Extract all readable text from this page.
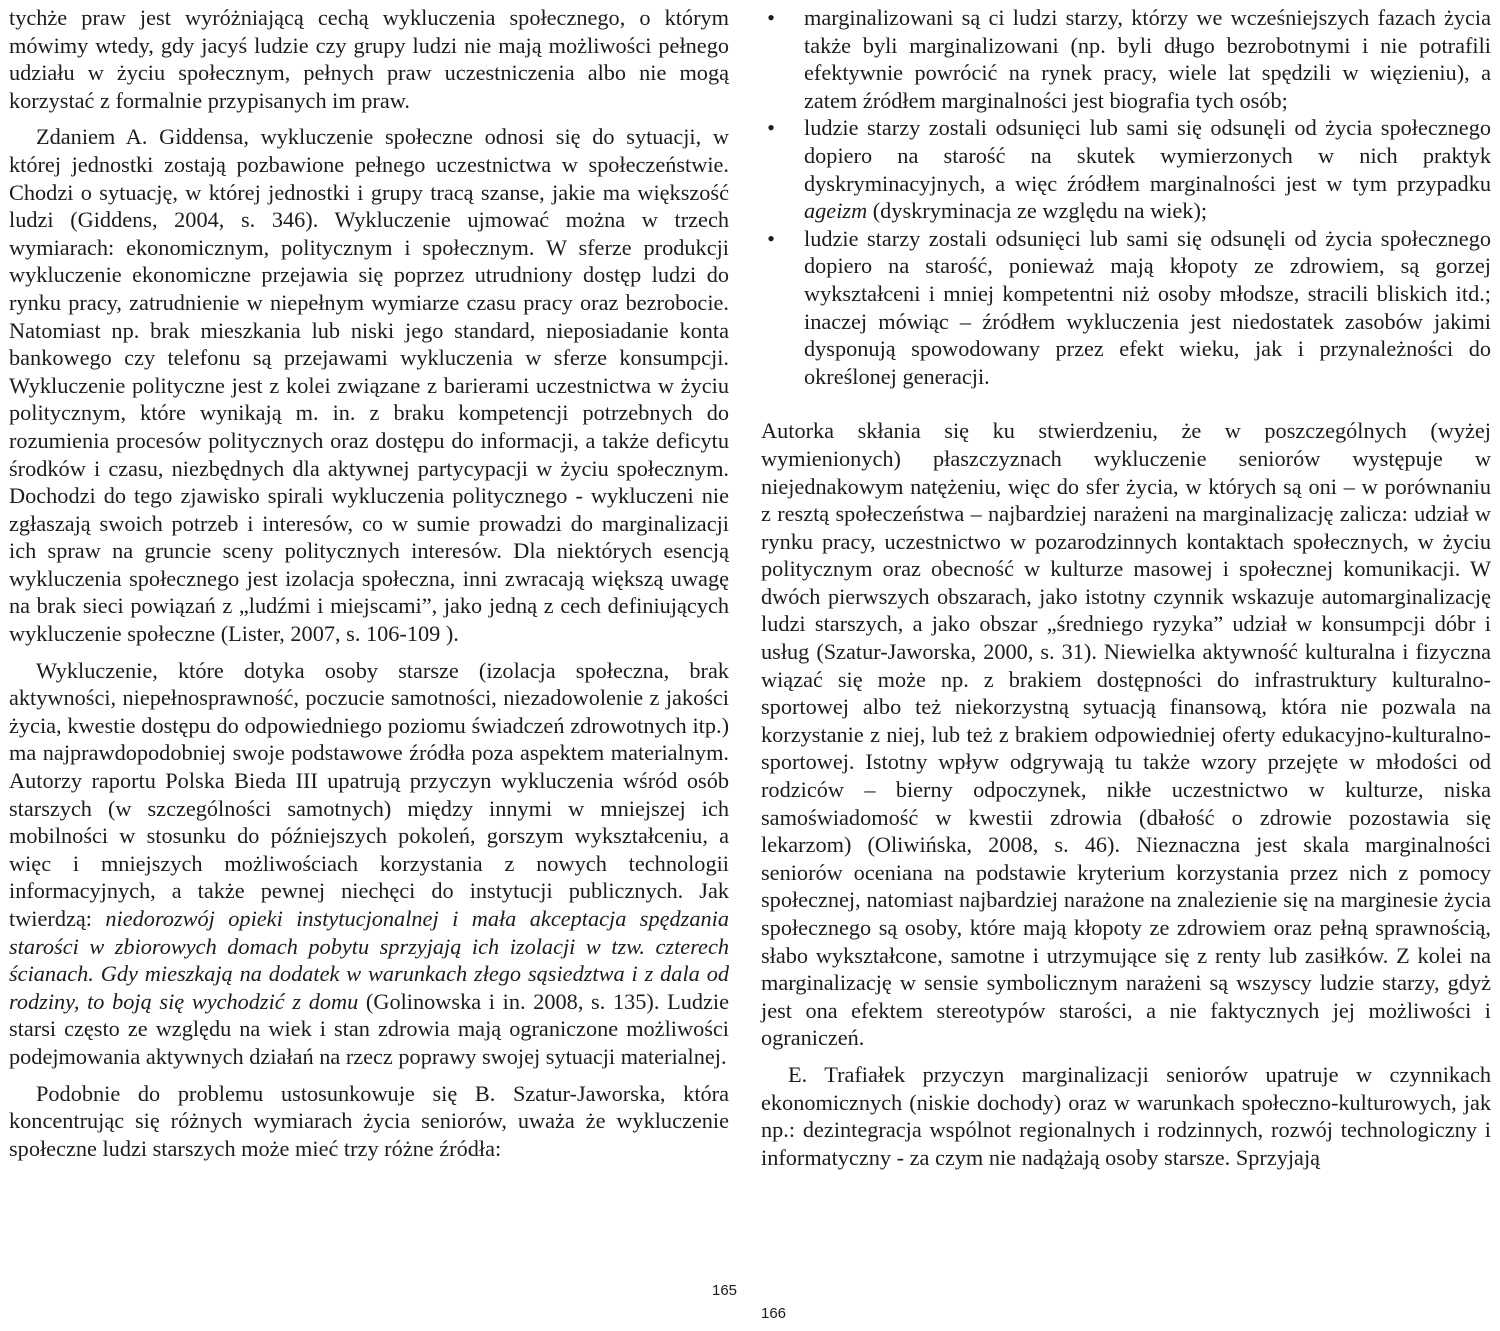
tychże praw jest wyróżniającą cechą wykluczenia społecznego, o którym mówimy wtedy, gdy jacyś ludzie czy grupy ludzi nie mają możliwości pełnego udziału w życiu społecznym, pełnych praw uczestniczenia albo nie mogą korzystać z formalnie przypisanych im praw.

Zdaniem A. Giddensa, wykluczenie społeczne odnosi się do sytuacji, w której jednostki zostają pozbawione pełnego uczestnictwa w społeczeństwie. Chodzi o sytuację, w której jednostki i grupy tracą szanse, jakie ma większość ludzi (Giddens, 2004, s. 346). Wykluczenie ujmować można w trzech wymiarach: ekonomicznym, politycznym i społecznym. W sferze produkcji wykluczenie ekonomiczne przejawia się poprzez utrudniony dostęp ludzi do rynku pracy, zatrudnienie w niepełnym wymiarze czasu pracy oraz bezrobocie. Natomiast np. brak mieszkania lub niski jego standard, nieposiadanie konta bankowego czy telefonu są przejawami wykluczenia w sferze konsumpcji. Wykluczenie polityczne jest z kolei związane z barierami uczestnictwa w życiu politycznym, które wynikają m. in. z braku kompetencji potrzebnych do rozumienia procesów politycznych oraz dostępu do informacji, a także deficytu środków i czasu, niezbędnych dla aktywnej partycypacji w życiu społecznym. Dochodzi do tego zjawisko spirali wykluczenia politycznego - wykluczeni nie zgłaszają swoich potrzeb i interesów, co w sumie prowadzi do marginalizacji ich spraw na gruncie sceny politycznych interesów. Dla niektórych esencją wykluczenia społecznego jest izolacja społeczna, inni zwracają większą uwagę na brak sieci powiązań z „ludźmi i miejscami”, jako jedną z cech definiujących wykluczenie społeczne (Lister, 2007, s. 106-109 ).

Wykluczenie, które dotyka osoby starsze (izolacja społeczna, brak aktywności, niepełnosprawność, poczucie samotności, niezadowolenie z jakości życia, kwestie dostępu do odpowiedniego poziomu świadczeń zdrowotnych itp.) ma najprawdopodobniej swoje podstawowe źródła poza aspektem materialnym. Autorzy raportu Polska Bieda III upatrują przyczyn wykluczenia wśród osób starszych (w szczególności samotnych) między innymi w mniejszej ich mobilności w stosunku do późniejszych pokoleń, gorszym wykształceniu, a więc i mniejszych możliwościach korzystania z nowych technologii informacyjnych, a także pewnej niechęci do instytucji publicznych. Jak twierdzą: niedorozwój opieki instytucjonalnej i mała akceptacja spędzania starości w zbiorowych domach pobytu sprzyjają ich izolacji w tzw. czterech ścianach. Gdy mieszkają na dodatek w warunkach złego sąsiedztwa i z dala od rodziny, to boją się wychodzić z domu (Golinowska i in. 2008, s. 135). Ludzie starsi często ze względu na wiek i stan zdrowia mają ograniczone możliwości podejmowania aktywnych działań na rzecz poprawy swojej sytuacji materialnej.

Podobnie do problemu ustosunkowuje się B. Szatur-Jaworska, która koncentrując się różnych wymiarach życia seniorów, uważa że wykluczenie społeczne ludzi starszych może mieć trzy różne źródła:

• marginalizowani są ci ludzi starzy, którzy we wcześniejszych fazach życia także byli marginalizowani (np. byli długo bezrobotnymi i nie potrafili efektywnie powrócić na rynek pracy, wiele lat spędzili w więzieniu), a zatem źródłem marginalności jest biografia tych osób;
• ludzie starzy zostali odsunięci lub sami się odsunęli od życia społecznego dopiero na starość na skutek wymierzonych w nich praktyk dyskryminacyjnych, a więc źródłem marginalności jest w tym przypadku ageizm (dyskryminacja ze względu na wiek);
• ludzie starzy zostali odsunięci lub sami się odsunęli od życia społecznego dopiero na starość, ponieważ mają kłopoty ze zdrowiem, są gorzej wykształceni i mniej kompetentni niż osoby młodsze, stracili bliskich itd.; inaczej mówiąc – źródłem wykluczenia jest niedostatek zasobów jakimi dysponują spowodowany przez efekt wieku, jak i przynależności do określonej generacji.

Autorka skłania się ku stwierdzeniu, że w poszczególnych (wyżej wymienionych) płaszczyznach wykluczenie seniorów występuje w niejednakowym natężeniu, więc do sfer życia, w których są oni – w porównaniu z resztą społeczeństwa – najbardziej narażeni na marginalizację zalicza: udział w rynku pracy, uczestnictwo w pozarodzinnych kontaktach społecznych, w życiu politycznym oraz obecność w kulturze masowej i społecznej komunikacji. W dwóch pierwszych obszarach, jako istotny czynnik wskazuje automarginalizację ludzi starszych, a jako obszar „średniego ryzyka” udział w konsumpcji dóbr i usług (Szatur-Jaworska, 2000, s. 31). Niewielka aktywność kulturalna i fizyczna wiązać się może np. z brakiem dostępności do infrastruktury kulturalno-sportowej albo też niekorzystną sytuacją finansową, która nie pozwala na korzystanie z niej, lub też z brakiem odpowiedniej oferty edukacyjno-kulturalno-sportowej. Istotny wpływ odgrywają tu także wzory przejęte w młodości od rodziców – bierny odpoczynek, nikłe uczestnictwo w kulturze, niska samoświadomość w kwestii zdrowia (dbałość o zdrowie pozostawia się lekarzom) (Oliwińska, 2008, s. 46). Nieznaczna jest skala marginalności seniorów oceniana na podstawie kryterium korzystania przez nich z pomocy społecznej, natomiast najbardziej narażone na znalezienie się na marginesie życia społecznego są osoby, które mają kłopoty ze zdrowiem oraz pełną sprawnością, słabo wykształcone, samotne i utrzymujące się z renty lub zasiłków. Z kolei na marginalizację w sensie symbolicznym narażeni są wszyscy ludzie starzy, gdyż jest ona efektem stereotypów starości, a nie faktycznych jej możliwości i ograniczeń.

E. Trafiałek przyczyn marginalizacji seniorów upatruje w czynnikach ekonomicznych (niskie dochody) oraz w warunkach społeczno-kulturowych, jak np.: dezintegracja wspólnot regionalnych i rodzinnych, rozwój technologiczny i informatyczny - za czym nie nadążają osoby starsze. Sprzyjają

165
166
